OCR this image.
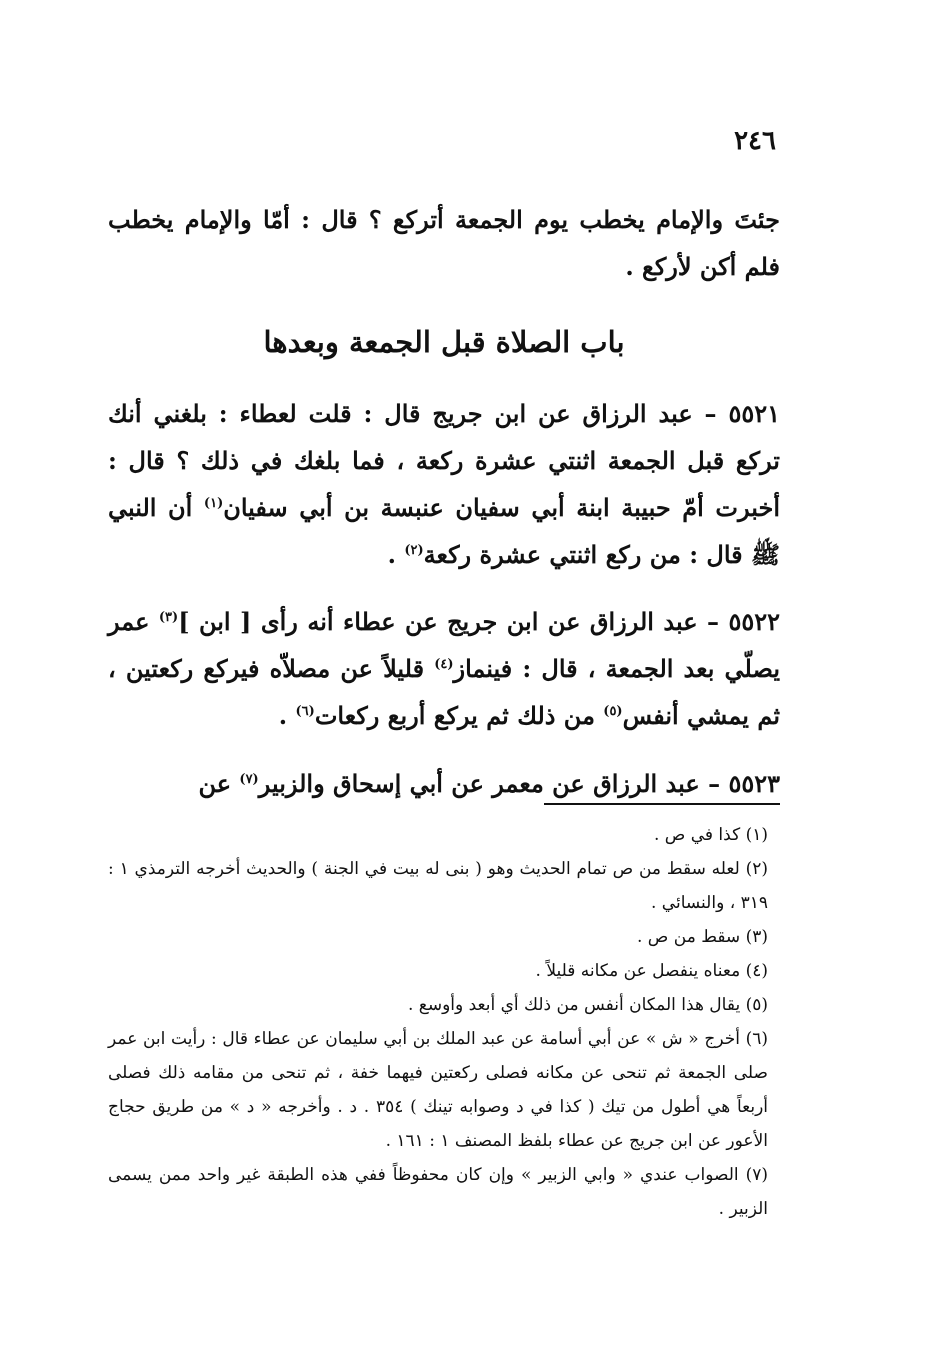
٢٤٦
جئتَ والإمام يخطب يوم الجمعة أتركع ؟ قال : أمّا والإمام يخطب فلم أكن لأركع .
باب الصلاة قبل الجمعة وبعدها
٥٥٢١ – عبد الرزاق عن ابن جريج قال : قلت لعطاء : بلغني أنك تركع قبل الجمعة اثنتي عشرة ركعة ، فما بلغك في ذلك ؟ قال : أخبرت أمّ حبيبة ابنة أبي سفيان عنبسة بن أبي سفيان$^{(١)}$ أن النبي ﷺ قال : من ركع اثنتي عشرة ركعة$^{(٢)}$ .
٥٥٢٢ – عبد الرزاق عن ابن جريج عن عطاء أنه رأى [ ابن ]$^{(٣)}$ عمر يصلّي بعد الجمعة ، قال : فينماز$^{(٤)}$ قليلاً عن مصلاّه فيركع ركعتين ، ثم يمشي أنفس$^{(٥)}$ من ذلك ثم يركع أربع ركعات$^{(٦)}$ .
٥٥٢٣ – عبد الرزاق عن معمر عن أبي إسحاق والزبير$^{(٧)}$ عن

(١) كذا في ص .

(٢) لعله سقط من ص تمام الحديث وهو ( بنى له بيت في الجنة ) والحديث أخرجه الترمذي ١ : ٣١٩ ، والنسائي .

(٣) سقط من ص .

(٤) معناه ينفصل عن مكانه قليلاً .

(٥) يقال هذا المكان أنفس من ذلك أي أبعد وأوسع .

(٦) أخرج « ش » عن أبي أسامة عن عبد الملك بن أبي سليمان عن عطاء قال : رأيت ابن عمر صلى الجمعة ثم تنحى عن مكانه فصلى ركعتين فيهما خفة ، ثم تنحى من مقامه ذلك فصلى أربعاً هي أطول من تيك ( كذا في د وصوابه تينك ) ٣٥٤ . د . وأخرجه « د » من طريق حجاج الأعور عن ابن جريج عن عطاء بلفظ المصنف ١ : ١٦١ .

(٧) الصواب عندي « وابي الزبير » وإن كان محفوظاً ففي هذه الطبقة غير واحد ممن يسمى الزبير .
